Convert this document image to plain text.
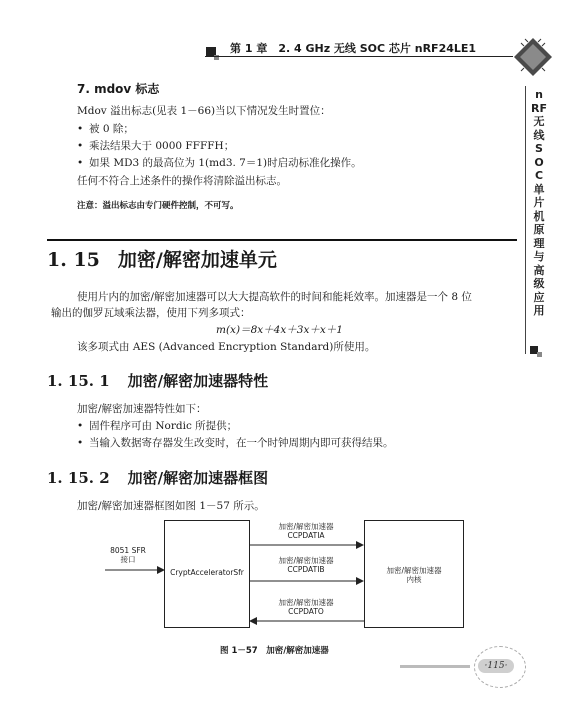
第 1 章　2. 4 GHz 无线 SOC 芯片 nRF24LE1
nRF无线SOC单片机原理与高级应用
7. mdov 标志
Mdov 溢出标志(见表 1－66)当以下情况发生时置位：
• 被 0 除；
• 乘法结果大于 0000 FFFFH；
• 如果 MD3 的最高位为 1(md3. 7＝1)时启动标准化操作。
任何不符合上述条件的操作将清除溢出标志。
注意：溢出标志由专门硬件控制，不可写。
1. 15 加密/解密加速单元
使用片内的加密/解密加速器可以大大提高软件的时间和能耗效率。加速器是一个 8 位
输出的伽罗瓦域乘法器，使用下列多项式：
m(x)＝8x＋4x＋3x＋x＋1
该多项式由 AES (Advanced Encryption Standard)所使用。
1. 15. 1 加密/解密加速器特性
加密/解密加速器特性如下：
• 固件程序可由 Nordic 所提供；
• 当输入数据寄存器发生改变时，在一个时钟周期内即可获得结果。
1. 15. 2 加密/解密加速器框图
加密/解密加速器框图如图 1－57 所示。
8051 SFR
接口
CryptAcceleratorSfr	加密/解密加速器
内核
加密/解密加速器
CCPDATIA
加密/解密加速器
CCPDATIB
加密/解密加速器
CCPDATO
图 1－57　加密/解密加速器
·115·
